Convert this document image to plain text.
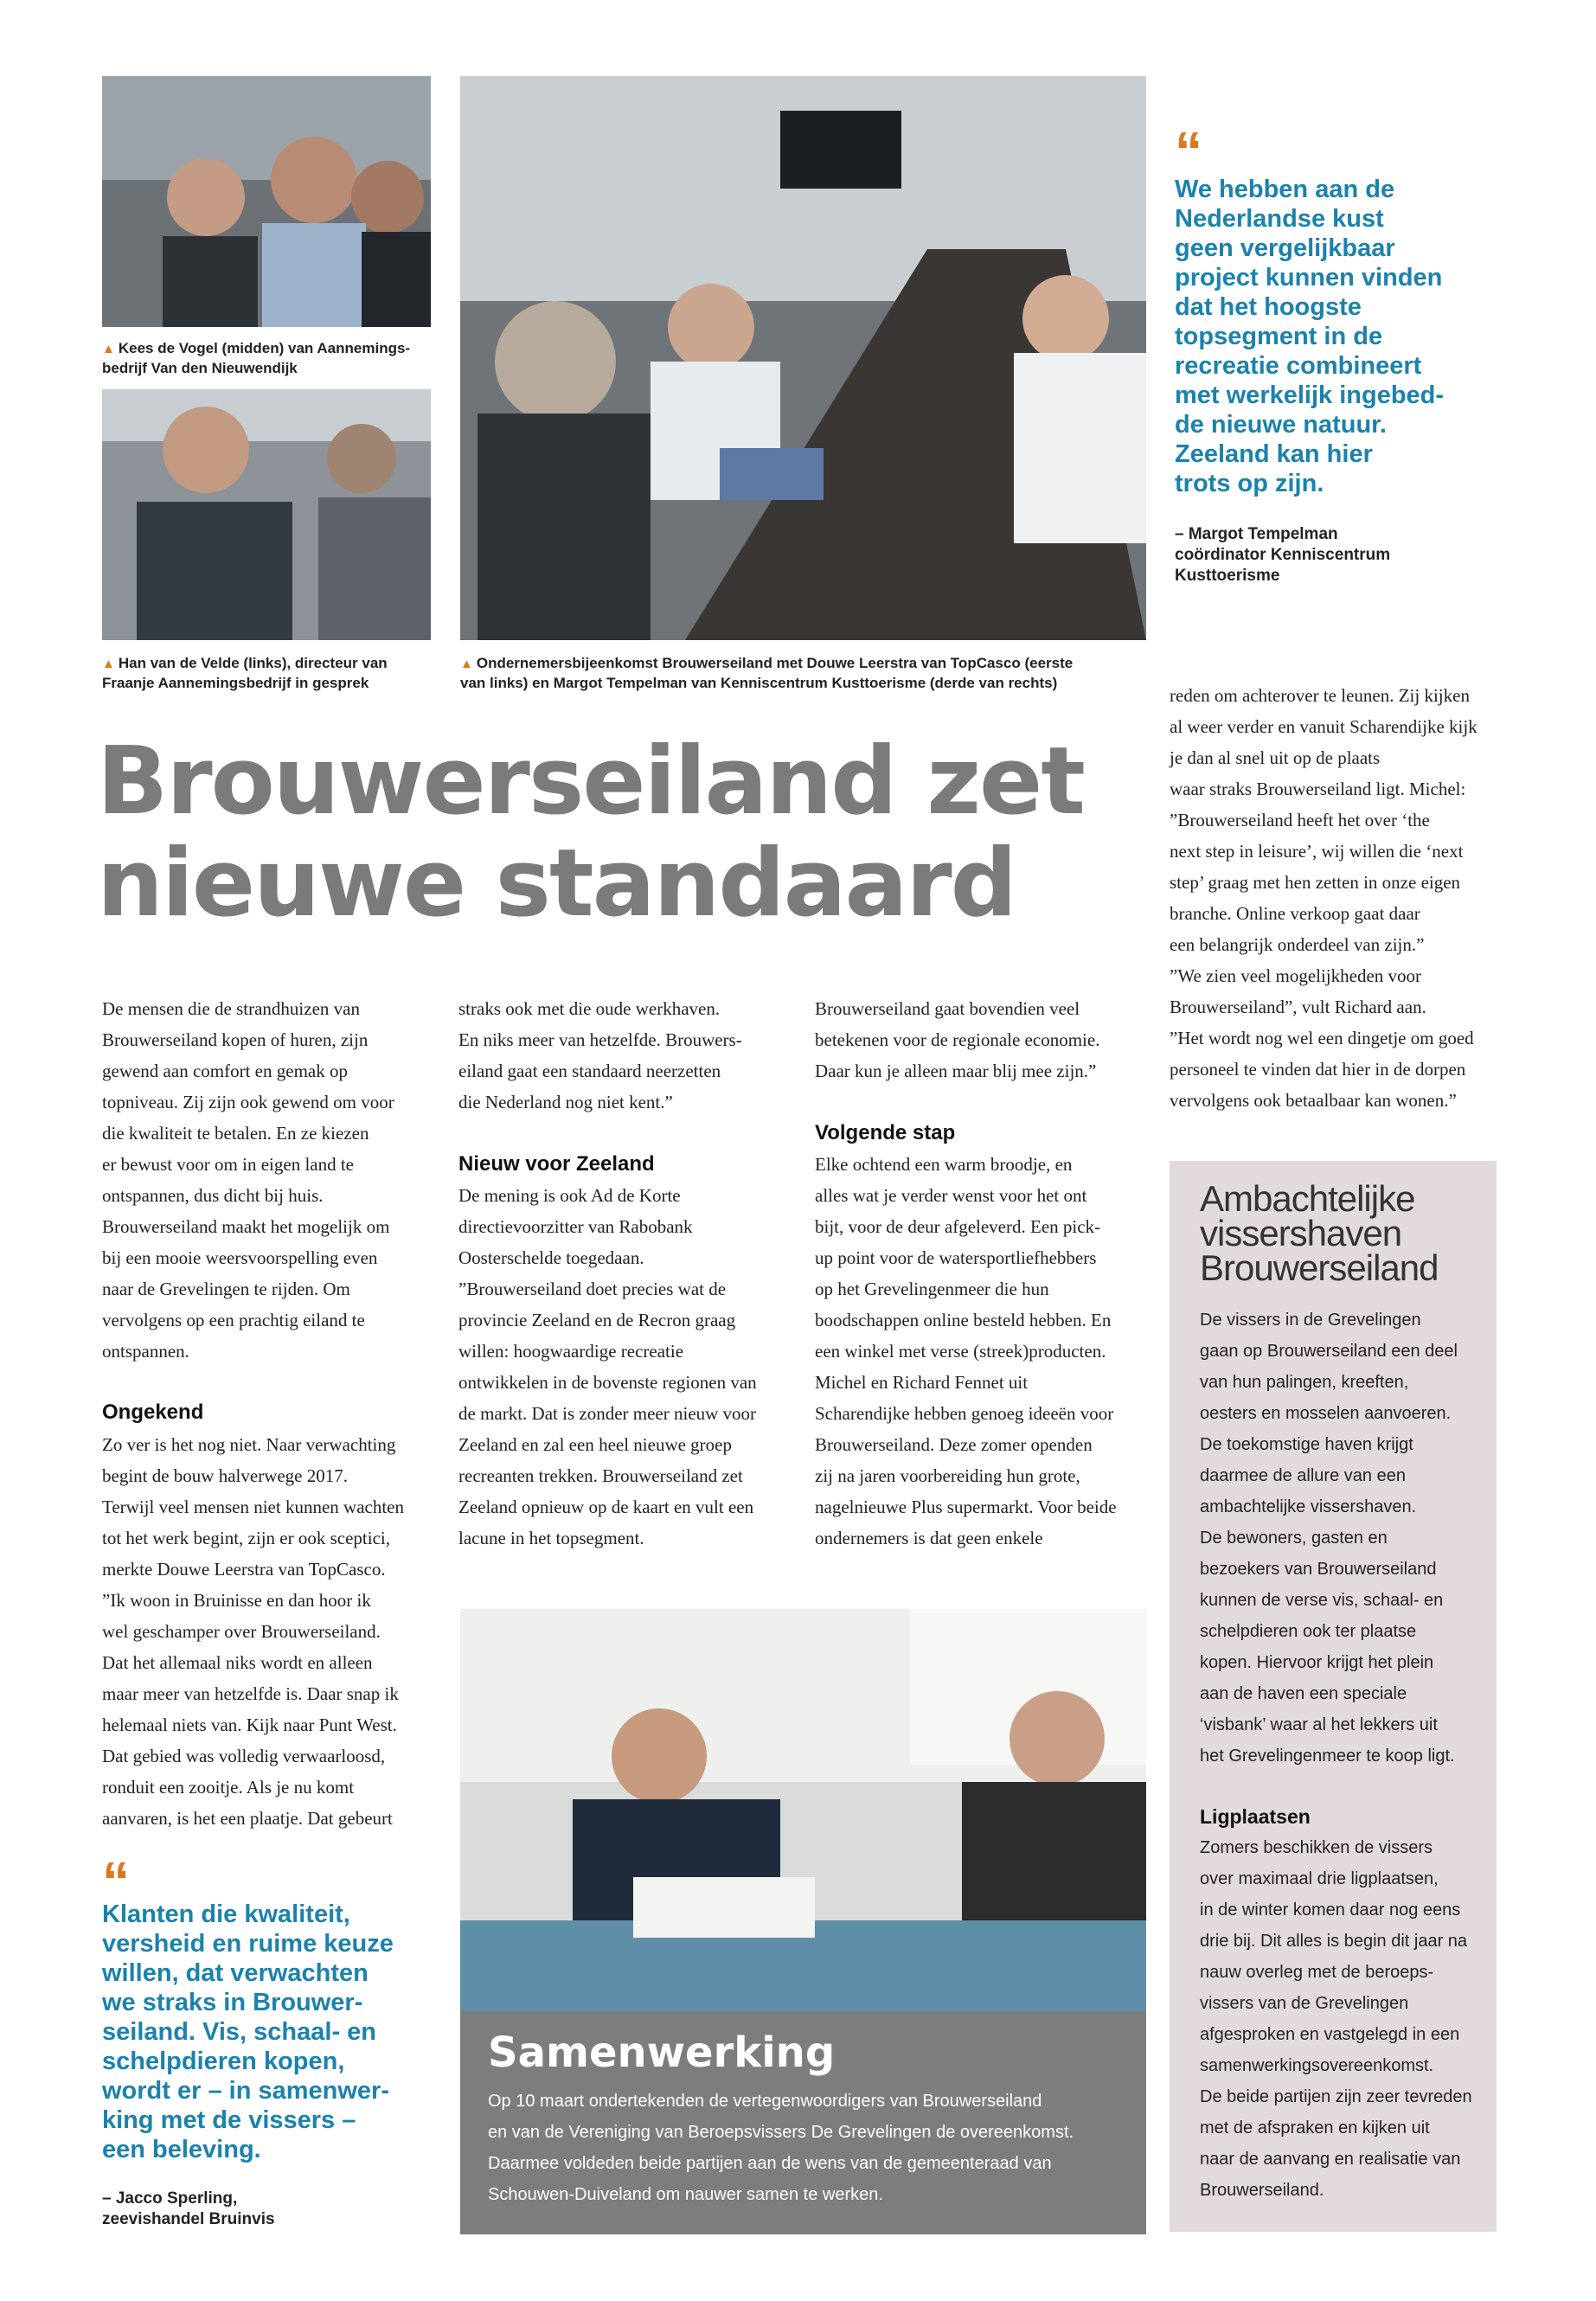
▲ Kees de Vogel (midden) van Aannemings-
bedrijf Van den Nieuwendijk
▲ Han van de Velde (links), directeur van
Fraanje Aannemingsbedrijf in gesprek
▲ Ondernemersbijeenkomst Brouwerseiland met Douwe Leerstra van TopCasco (eerste
van links) en Margot Tempelman van Kenniscentrum Kusttoerisme (derde van rechts)
“
We hebben aan de
Nederlandse kust
geen vergelijkbaar
project kunnen vinden
dat het hoogste
topsegment in de
recreatie combineert
met werkelijk ingebed-
de nieuwe natuur.
Zeeland kan hier
trots op zijn.
– Margot Tempelman
coördinator Kenniscentrum
Kusttoerisme
Brouwerseiland zet
nieuwe standaard
De mensen die de strandhuizen van
Brouwerseiland kopen of huren, zijn
gewend aan comfort en gemak op
topniveau. Zij zijn ook gewend om voor
die kwaliteit te betalen. En ze kiezen
er bewust voor om in eigen land te
ontspannen, dus dicht bij huis.
Brouwerseiland maakt het mogelijk om
bij een mooie weersvoorspelling even
naar de Grevelingen te rijden. Om
vervolgens op een prachtig eiland te
ontspannen.
Ongekend
Zo ver is het nog niet. Naar verwachting
begint de bouw halverwege 2017.
Terwijl veel mensen niet kunnen wachten
tot het werk begint, zijn er ook sceptici,
merkte Douwe Leerstra van TopCasco.
”Ik woon in Bruinisse en dan hoor ik
wel geschamper over Brouwerseiland.
Dat het allemaal niks wordt en alleen
maar meer van hetzelfde is. Daar snap ik
helemaal niets van. Kijk naar Punt West.
Dat gebied was volledig verwaarloosd,
ronduit een zooitje. Als je nu komt
aanvaren, is het een plaatje. Dat gebeurt
“
Klanten die kwaliteit,
versheid en ruime keuze
willen, dat verwachten
we straks in Brouwer-
seiland. Vis, schaal- en
schelpdieren kopen,
wordt er – in samenwer-
king met de vissers –
een beleving.
– Jacco Sperling,
zeevishandel Bruinvis
straks ook met die oude werkhaven.
En niks meer van hetzelfde. Brouwers-
eiland gaat een standaard neerzetten
die Nederland nog niet kent.”
Nieuw voor Zeeland
De mening is ook Ad de Korte
directievoorzitter van Rabobank
Oosterschelde toegedaan.
”Brouwerseiland doet precies wat de
provincie Zeeland en de Recron graag
willen: hoogwaardige recreatie
ontwikkelen in de bovenste regionen van
de markt. Dat is zonder meer nieuw voor
Zeeland en zal een heel nieuwe groep
recreanten trekken. Brouwerseiland zet
Zeeland opnieuw op de kaart en vult een
lacune in het topsegment.
Brouwerseiland gaat bovendien veel
betekenen voor de regionale economie.
Daar kun je alleen maar blij mee zijn.”
Volgende stap
Elke ochtend een warm broodje, en
alles wat je verder wenst voor het ont
bijt, voor de deur afgeleverd. Een pick-
up point voor de watersportliefhebbers
op het Grevelingenmeer die hun
boodschappen online besteld hebben. En
een winkel met verse (streek)producten.
Michel en Richard Fennet uit
Scharendijke hebben genoeg ideeën voor
Brouwerseiland. Deze zomer openden
zij na jaren voorbereiding hun grote,
nagelnieuwe Plus supermarkt. Voor beide
ondernemers is dat geen enkele
reden om achterover te leunen. Zij kijken
al weer verder en vanuit Scharendijke kijk
je dan al snel uit op de plaats
waar straks Brouwerseiland ligt. Michel:
”Brouwerseiland heeft het over ‘the
next step in leisure’, wij willen die ‘next
step’ graag met hen zetten in onze eigen
branche. Online verkoop gaat daar
een belangrijk onderdeel van zijn.”
”We zien veel mogelijkheden voor
Brouwerseiland”, vult Richard aan.
”Het wordt nog wel een dingetje om goed
personeel te vinden dat hier in de dorpen
vervolgens ook betaalbaar kan wonen.”
Ambachtelijke
vissershaven
Brouwerseiland
De vissers in de Grevelingen
gaan op Brouwerseiland een deel
van hun palingen, kreeften,
oesters en mosselen aanvoeren.
De toekomstige haven krijgt
daarmee de allure van een
ambachtelijke vissershaven.
De bewoners, gasten en
bezoekers van Brouwerseiland
kunnen de verse vis, schaal- en
schelpdieren ook ter plaatse
kopen. Hiervoor krijgt het plein
aan de haven een speciale
‘visbank’ waar al het lekkers uit
het Grevelingenmeer te koop ligt.
Ligplaatsen
Zomers beschikken de vissers
over maximaal drie ligplaatsen,
in de winter komen daar nog eens
drie bij. Dit alles is begin dit jaar na
nauw overleg met de beroeps-
vissers van de Grevelingen
afgesproken en vastgelegd in een
samenwerkingsovereenkomst.
De beide partijen zijn zeer tevreden
met de afspraken en kijken uit
naar de aanvang en realisatie van
Brouwerseiland.
Samenwerking
Op 10 maart ondertekenden de vertegenwoordigers van Brouwerseiland
en van de Vereniging van Beroepsvissers De Grevelingen de overeenkomst.
Daarmee voldeden beide partijen aan de wens van de gemeenteraad van
Schouwen-Duiveland om nauwer samen te werken.
